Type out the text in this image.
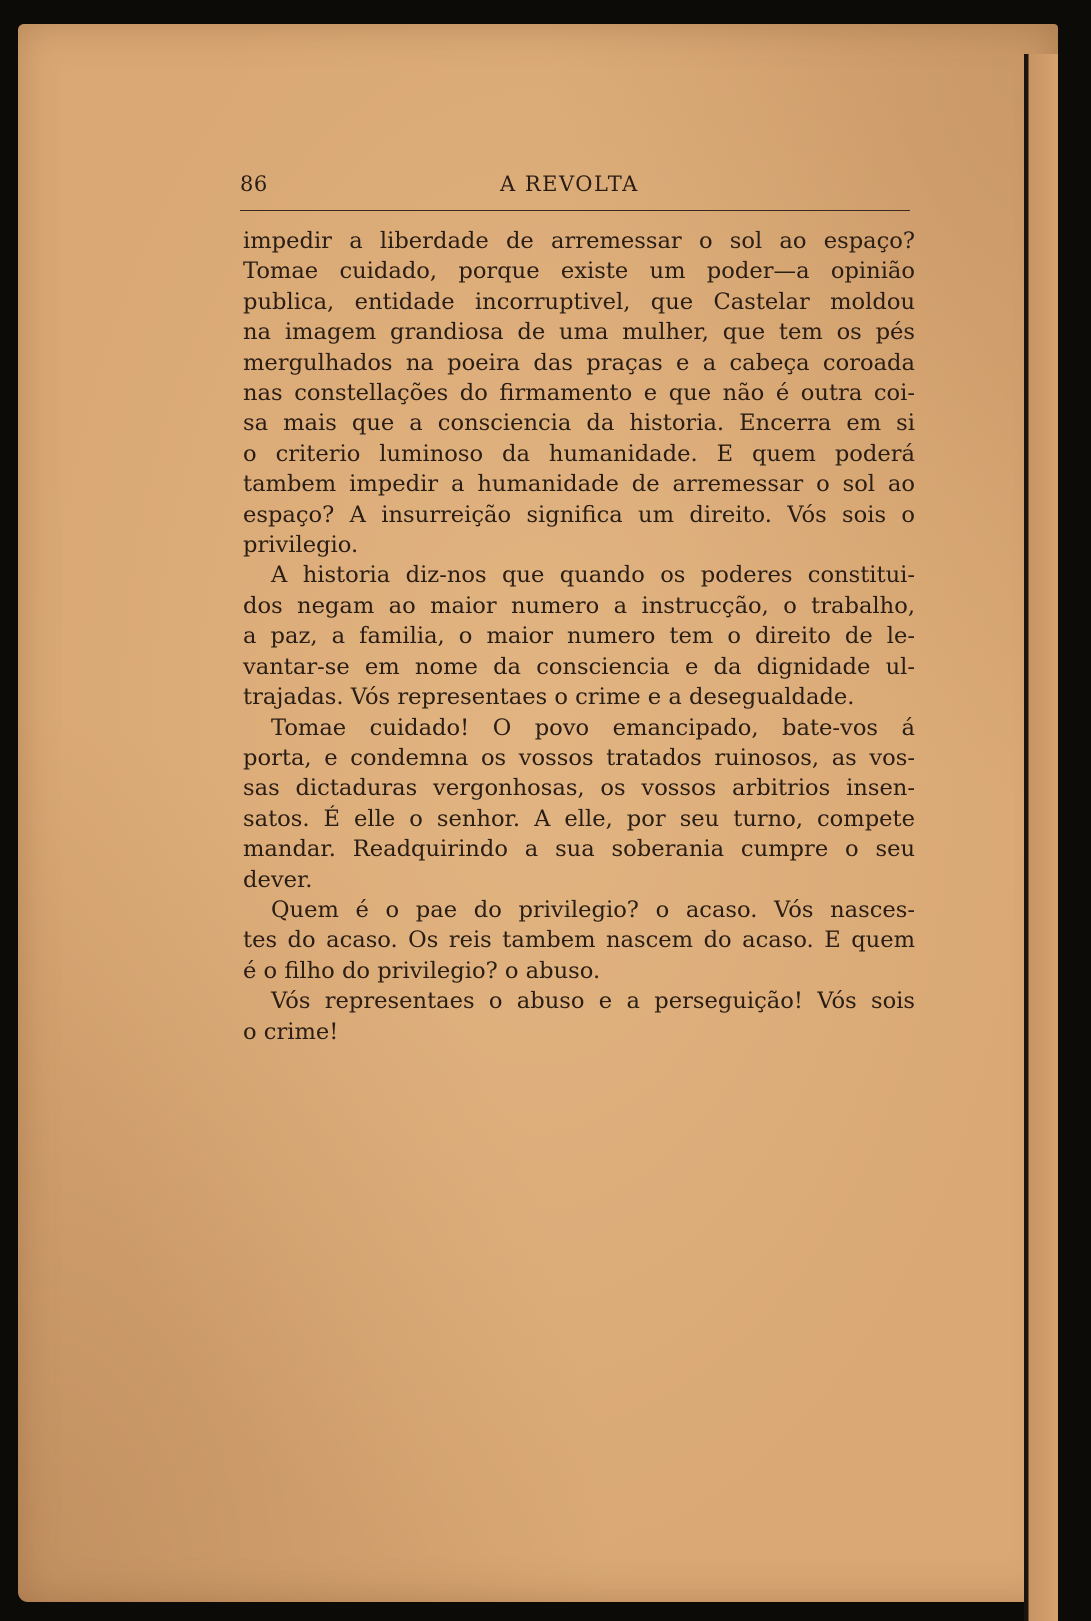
86	A REVOLTA
impedir a liberdade de arremessar o sol ao espaço?
Tomae cuidado, porque existe um poder—a opinião
publica, entidade incorruptivel, que Castelar moldou
na imagem grandiosa de uma mulher, que tem os pés
mergulhados na poeira das praças e a cabeça coroada
nas constellações do firmamento e que não é outra coi-
sa mais que a consciencia da historia. Encerra em si
o criterio luminoso da humanidade. E quem poderá
tambem impedir a humanidade de arremessar o sol ao
espaço? A insurreição significa um direito. Vós sois o
privilegio.
A historia diz-nos que quando os poderes constitui-
dos negam ao maior numero a instrucção, o trabalho,
a paz, a familia, o maior numero tem o direito de le-
vantar-se em nome da consciencia e da dignidade ul-
trajadas. Vós representaes o crime e a desegualdade.
Tomae cuidado! O povo emancipado, bate-vos á
porta, e condemna os vossos tratados ruinosos, as vos-
sas dictaduras vergonhosas, os vossos arbitrios insen-
satos. É elle o senhor. A elle, por seu turno, compete
mandar. Readquirindo a sua soberania cumpre o seu
dever.
Quem é o pae do privilegio? o acaso. Vós nasces-
tes do acaso. Os reis tambem nascem do acaso. E quem
é o filho do privilegio? o abuso.
Vós representaes o abuso e a perseguição! Vós sois
o crime!
